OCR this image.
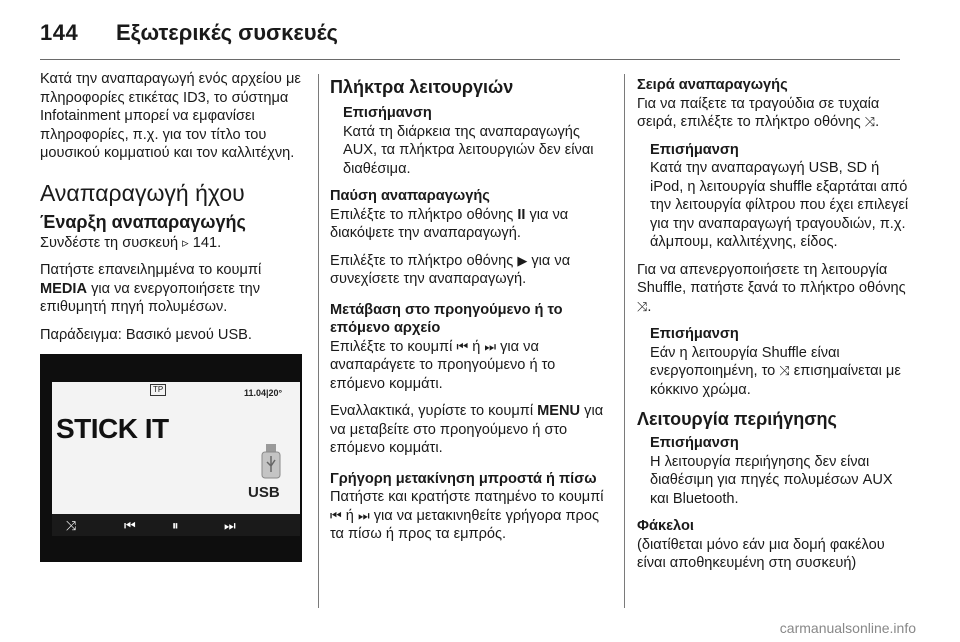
144 Εξωτερικές συσκευές

Κατά την αναπαραγωγή ενός αρχείου με πληροφορίες ετικέτας ID3, το σύστημα Infotainment μπορεί να εμφανίσει πληροφορίες, π.χ. για τον τίτλο του μουσικού κομματιού και τον καλλιτέχνη.

Αναπαραγωγή ήχου
Έναρξη αναπαραγωγής

Συνδέστε τη συσκευή ▹ 141.

Πατήστε επανειλημμένα το κουμπί MEDIA για να ενεργοποιήσετε την επιθυμητή πηγή πολυμέσων.

Παράδειγμα: Βασικό μενού USB.

TP	11.04|20°
STICK IT
USB
⤨	⏮	⏸	⏭
Πλήκτρα λειτουργιών
Επισήμανση
Κατά τη διάρκεια της αναπαραγωγής AUX, τα πλήκτρα λειτουργιών δεν είναι διαθέσιμα.
Παύση αναπαραγωγής

Επιλέξτε το πλήκτρο οθόνης II για να διακόψετε την αναπαραγωγή.

Επιλέξτε το πλήκτρο οθόνης ▶ για να συνεχίσετε την αναπαραγωγή.

Μετάβαση στο προηγούμενο ή το επόμενο αρχείο

Επιλέξτε το κουμπί ⏮ ή ⏭ για να αναπαράγετε το προηγούμενο ή το επόμενο κομμάτι.

Εναλλακτικά, γυρίστε το κουμπί MENU για να μεταβείτε στο προηγούμενο ή στο επόμενο κομμάτι.

Γρήγορη μετακίνηση μπροστά ή πίσω

Πατήστε και κρατήστε πατημένο το κουμπί ⏮ ή ⏭ για να μετακινηθείτε γρήγορα προς τα πίσω ή προς τα εμπρός.

Σειρά αναπαραγωγής

Για να παίξετε τα τραγούδια σε τυχαία σειρά, επιλέξτε το πλήκτρο οθόνης ⤨.

Επισήμανση
Κατά την αναπαραγωγή USB, SD ή iPod, η λειτουργία shuffle εξαρτάται από την λειτουργία φίλτρου που έχει επιλεγεί για την αναπαραγωγή τραγουδιών, π.χ. άλμπουμ, καλλιτέχνης, είδος.

Για να απενεργοποιήσετε τη λειτουργία Shuffle, πατήστε ξανά το πλήκτρο οθόνης ⤨.

Επισήμανση
Εάν η λειτουργία Shuffle είναι ενεργοποιημένη, το ⤨ επισημαίνεται με κόκκινο χρώμα.
Λειτουργία περιήγησης
Επισήμανση
Η λειτουργία περιήγησης δεν είναι διαθέσιμη για πηγές πολυμέσων AUX και Bluetooth.
Φάκελοι

(διατίθεται μόνο εάν μια δομή φακέλου είναι αποθηκευμένη στη συσκευή)

carmanualsonline.info
